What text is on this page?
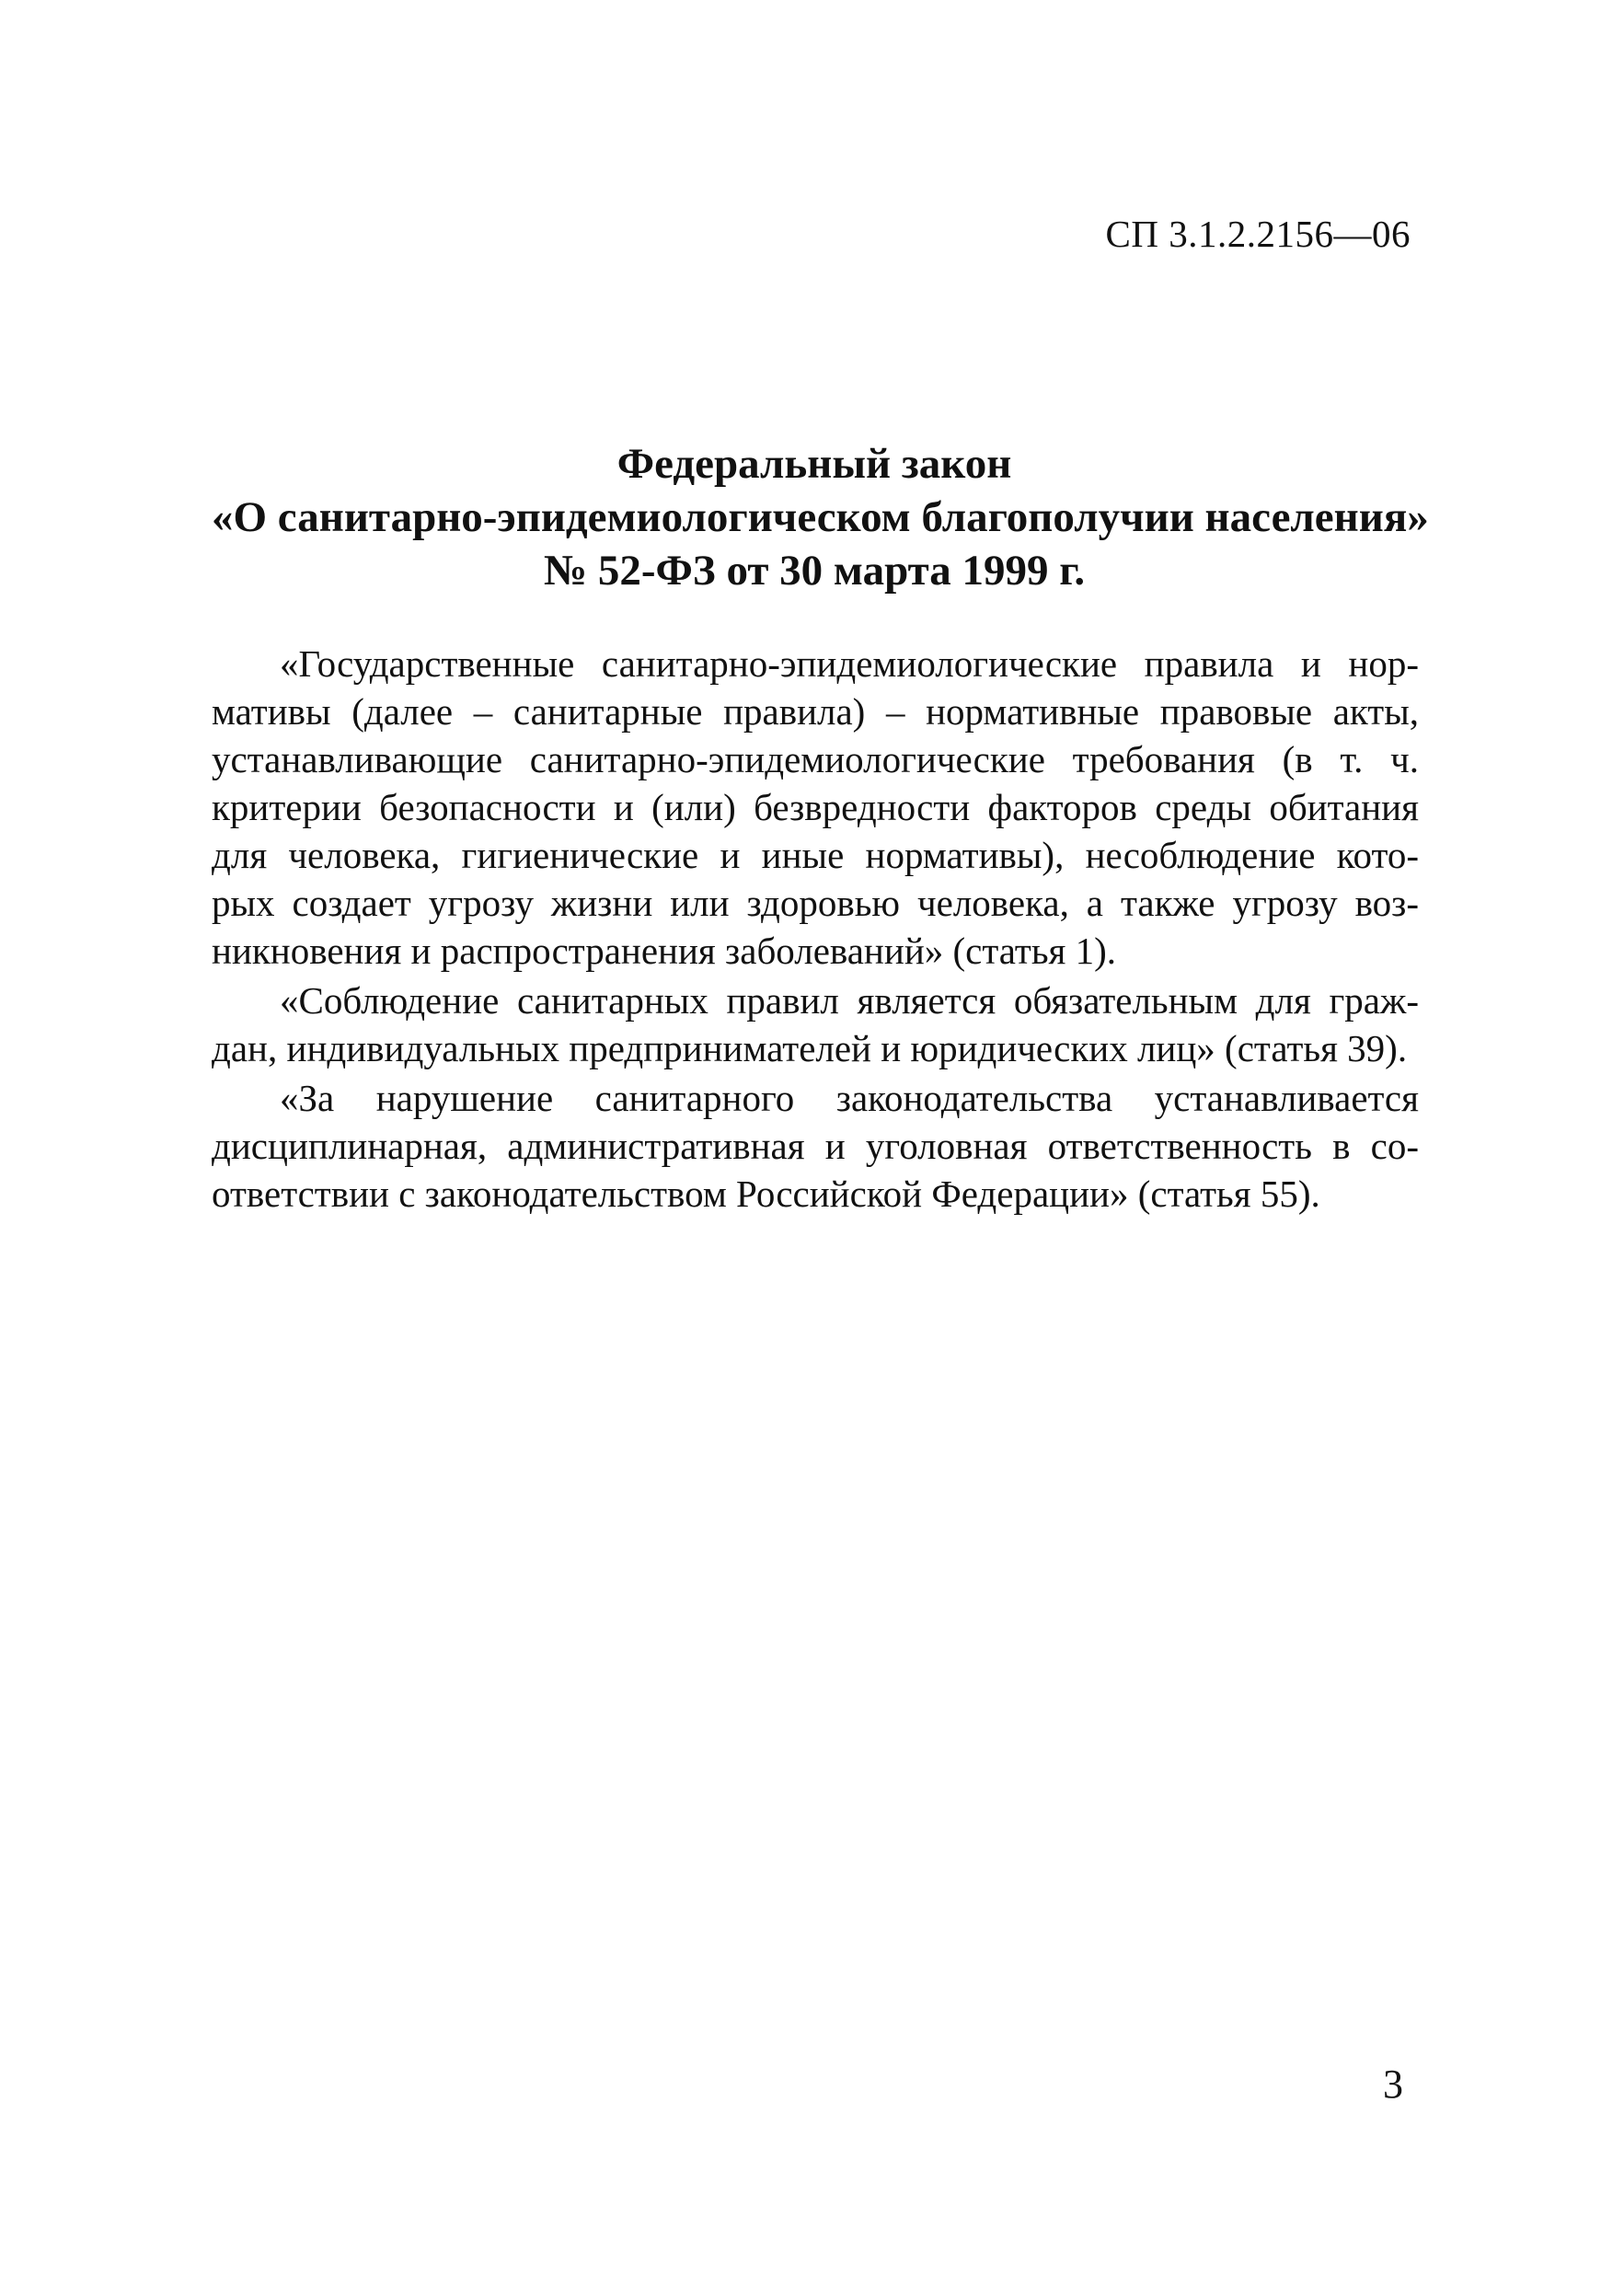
СП 3.1.2.2156—06
Федеральный закон
«О санитарно-эпидемиологическом благополучии населения»
№ 52-ФЗ от 30 марта 1999 г.
«Государственные санитарно-эпидемиологические правила и нор-
мативы (далее – санитарные правила) – нормативные правовые акты,
устанавливающие санитарно-эпидемиологические требования (в т. ч.
критерии безопасности и (или) безвредности факторов среды обитания
для человека, гигиенические и иные нормативы), несоблюдение кото-
рых создает угрозу жизни или здоровью человека, а также угрозу воз-
никновения и распространения заболеваний» (статья 1).
«Соблюдение санитарных правил является обязательным для граж-
дан, индивидуальных предпринимателей и юридических лиц» (статья 39).
«За нарушение санитарного законодательства устанавливается
дисциплинарная, административная и уголовная ответственность в со-
ответствии с законодательством Российской Федерации» (статья 55).
3
